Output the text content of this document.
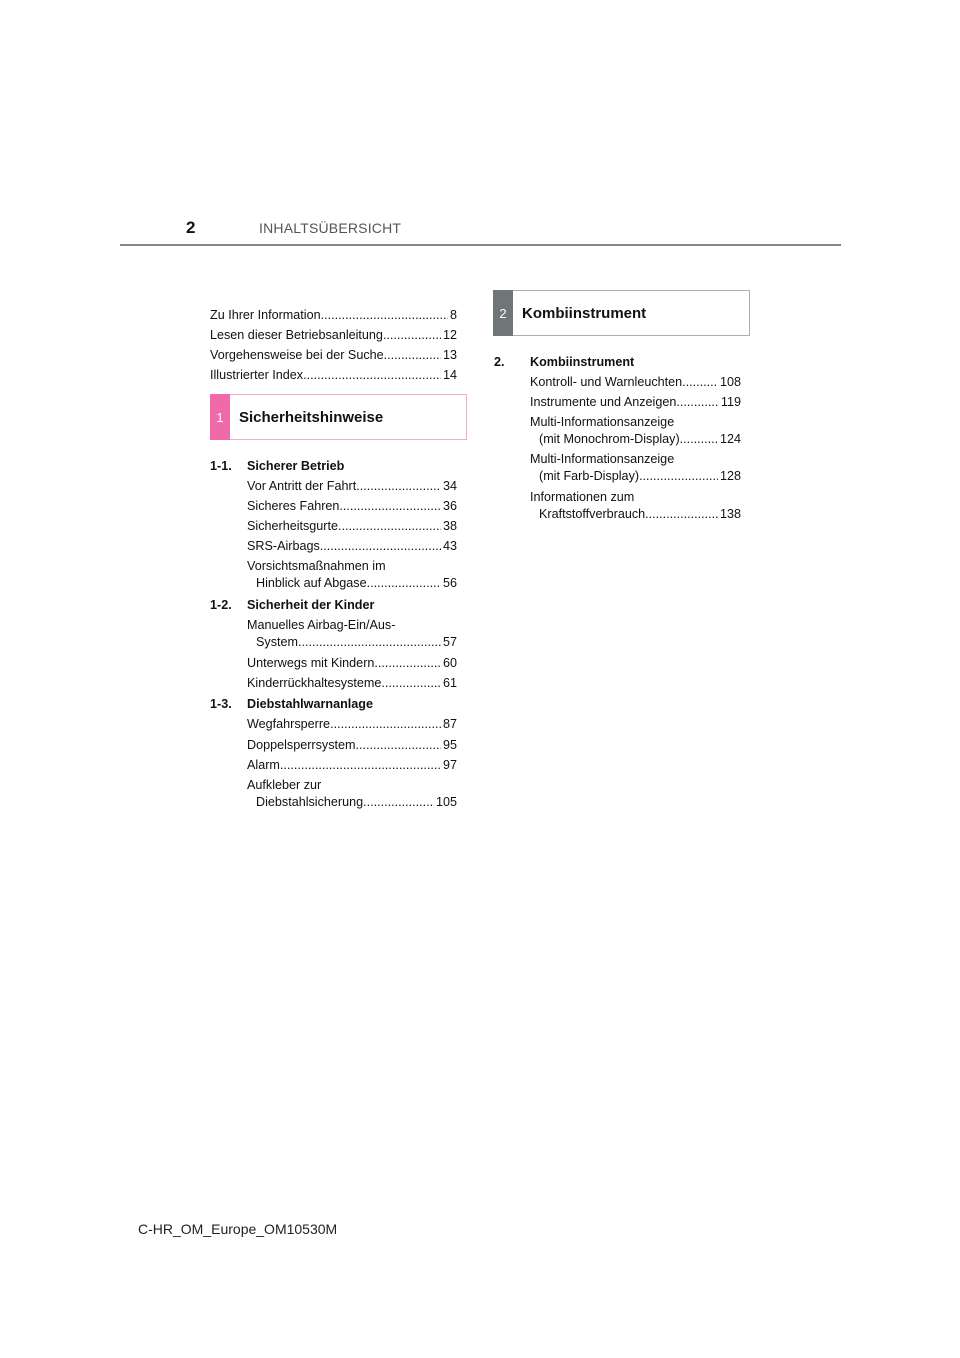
2	INHALTSÜBERSICHT
Zu Ihrer Information .....	8
Lesen dieser Betriebsanleitung .....	12
Vorgehensweise bei der Suche .....	13
Illustrierter Index .....	14
1	Sicherheitshinweise
1-1. Sicherer Betrieb
Vor Antritt der Fahrt .....	34
Sicheres Fahren .....	36
Sicherheitsgurte .....	38
SRS-Airbags .....	43
Vorsichtsmaßnahmen im
Hinblick auf Abgase .....	56
1-2. Sicherheit der Kinder
Manuelles Airbag-Ein/Aus-
System .....	57
Unterwegs mit Kindern .....	60
Kinderrückhaltesysteme .....	61
1-3. Diebstahlwarnanlage
Wegfahrsperre .....	87
Doppelsperrsystem .....	95
Alarm .....	97
Aufkleber zur
Diebstahlsicherung .....	105
2	Kombiinstrument
2. Kombiinstrument
Kontroll- und Warnleuchten .....	108
Instrumente und Anzeigen .....	119
Multi-Informationsanzeige
(mit Monochrom-Display) .....	124
Multi-Informationsanzeige
(mit Farb-Display) .....	128
Informationen zum
Kraftstoffverbrauch .....	138
C-HR_OM_Europe_OM10530M
